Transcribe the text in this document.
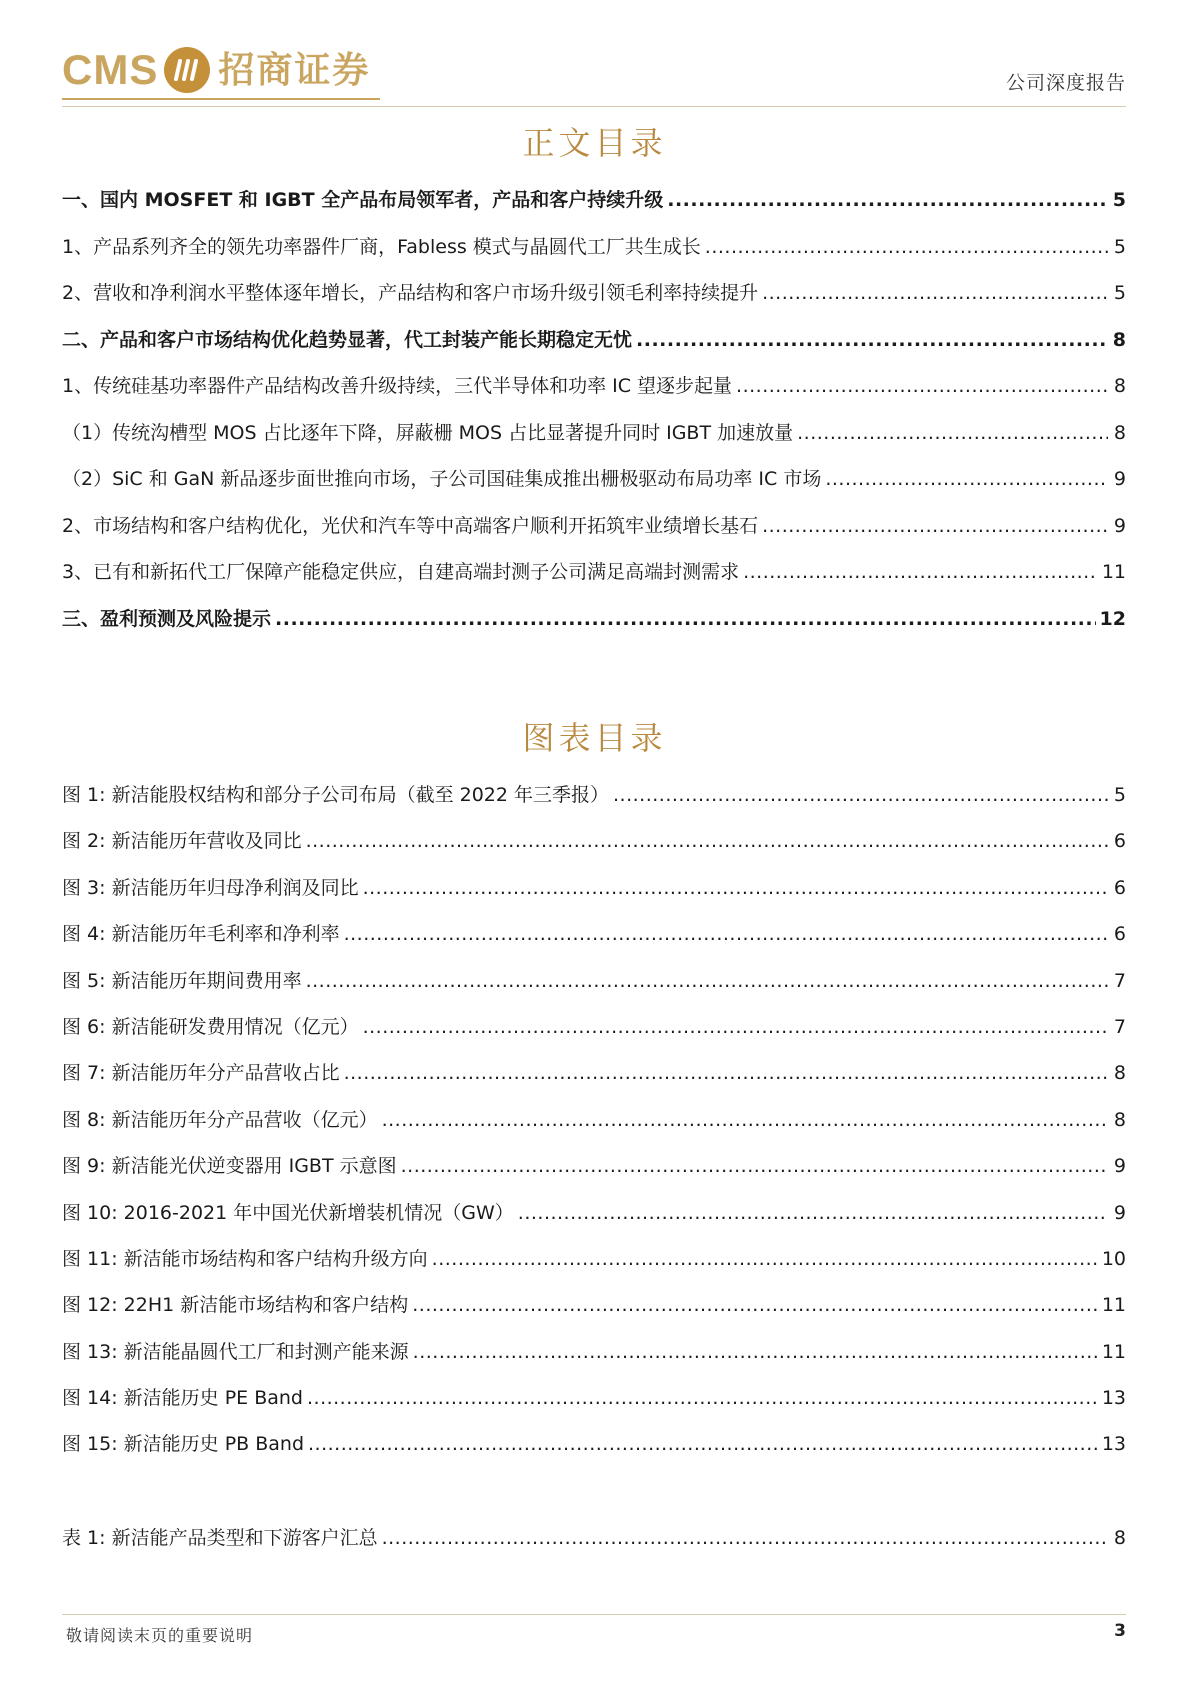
CMS 招商证券	公司深度报告
正文目录
一、国内 MOSFET 和 IGBT 全产品布局领军者，产品和客户持续升级 .....	5
1、产品系列齐全的领先功率器件厂商，Fabless 模式与晶圆代工厂共生成长 .....	5
2、营收和净利润水平整体逐年增长，产品结构和客户市场升级引领毛利率持续提升 .....	5
二、产品和客户市场结构优化趋势显著，代工封装产能长期稳定无忧 .....	8
1、传统硅基功率器件产品结构改善升级持续，三代半导体和功率 IC 望逐步起量 .....	8
（1）传统沟槽型 MOS 占比逐年下降，屏蔽栅 MOS 占比显著提升同时 IGBT 加速放量 .....	8
（2）SiC 和 GaN 新品逐步面世推向市场，子公司国硅集成推出栅极驱动布局功率 IC 市场 .....	9
2、市场结构和客户结构优化，光伏和汽车等中高端客户顺利开拓筑牢业绩增长基石 .....	9
3、已有和新拓代工厂保障产能稳定供应，自建高端封测子公司满足高端封测需求 .....	11
三、盈利预测及风险提示 .....	12
图表目录
图 1: 新洁能股权结构和部分子公司布局（截至 2022 年三季报） .....	5
图 2: 新洁能历年营收及同比 .....	6
图 3: 新洁能历年归母净利润及同比 .....	6
图 4: 新洁能历年毛利率和净利率 .....	6
图 5: 新洁能历年期间费用率 .....	7
图 6: 新洁能研发费用情况（亿元） .....	7
图 7: 新洁能历年分产品营收占比 .....	8
图 8: 新洁能历年分产品营收（亿元） .....	8
图 9: 新洁能光伏逆变器用 IGBT 示意图 .....	9
图 10: 2016-2021 年中国光伏新增装机情况（GW） .....	9
图 11: 新洁能市场结构和客户结构升级方向 .....	10
图 12: 22H1 新洁能市场结构和客户结构 .....	11
图 13: 新洁能晶圆代工厂和封测产能来源 .....	11
图 14: 新洁能历史 PE Band .....	13
图 15: 新洁能历史 PB Band .....	13
表 1: 新洁能产品类型和下游客户汇总 .....	8
敬请阅读末页的重要说明	3
